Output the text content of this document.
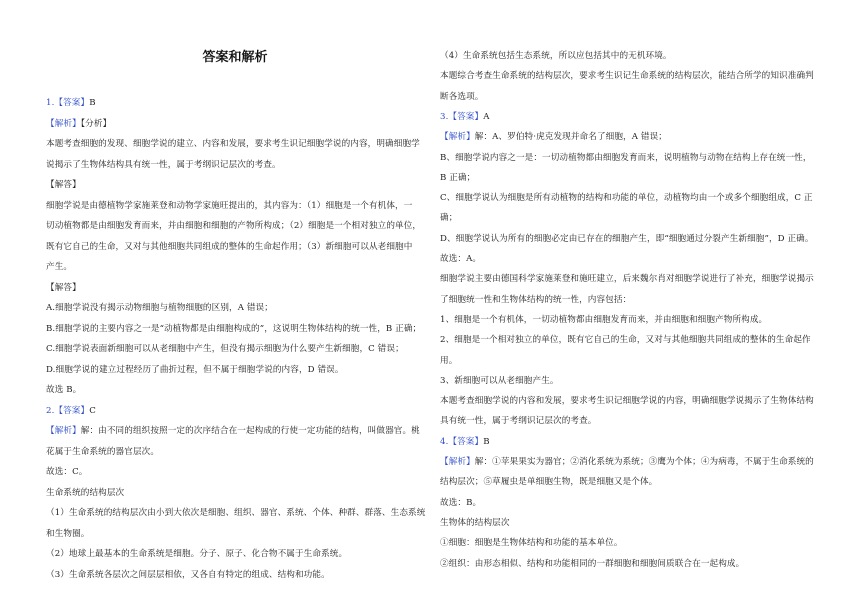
答案和解析
1.【答案】B
【解析】【分析】
本题考查细胞的发现、细胞学说的建立、内容和发展，要求考生识记细胞学说的内容，明确细胞学
说揭示了生物体结构具有统一性，属于考纲识记层次的考查。
【解答】
细胞学说是由德植物学家施莱登和动物学家施旺提出的，其内容为：（1）细胞是一个有机体，一
切动植物都是由细胞发育而来，并由细胞和细胞的产物所构成；（2）细胞是一个相对独立的单位，
既有它自己的生命，又对与其他细胞共同组成的整体的生命起作用；（3）新细胞可以从老细胞中
产生。
【解答】
A.细胞学说没有揭示动物细胞与植物细胞的区别，A 错误；
B.细胞学说的主要内容之一是“动植物都是由细胞构成的”，这说明生物体结构的统一性，B 正确；
C.细胞学说表面新细胞可以从老细胞中产生，但没有揭示细胞为什么要产生新细胞，C 错误；
D.细胞学说的建立过程经历了曲折过程，但不属于细胞学说的内容，D 错误。
故选 B。
2.【答案】C
【解析】解：由不同的组织按照一定的次序结合在一起构成的行使一定功能的结构，叫做器官。桃
花属于生命系统的器官层次。
故选：C。
生命系统的结构层次
（1）生命系统的结构层次由小到大依次是细胞、组织、器官、系统、个体、种群、群落、生态系统
和生物圈。
（2）地球上最基本的生命系统是细胞。分子、原子、化合物不属于生命系统。
（3）生命系统各层次之间层层相依，又各自有特定的组成、结构和功能。
（4）生命系统包括生态系统，所以应包括其中的无机环境。
本题综合考查生命系统的结构层次，要求考生识记生命系统的结构层次，能结合所学的知识准确判
断各选项。
3.【答案】A
【解析】解：A、罗伯特·虎克发现并命名了细胞，A 错误；
B、细胞学说内容之一是：一切动植物都由细胞发育而来，说明植物与动物在结构上存在统一性，
B 正确；
C、细胞学说认为细胞是所有动植物的结构和功能的单位，动植物均由一个或多个细胞组成，C 正
确；
D、细胞学说认为所有的细胞必定由已存在的细胞产生，即“细胞通过分裂产生新细胞”，D 正确。
故选：A。
细胞学说主要由德国科学家施莱登和施旺建立，后来魏尔肖对细胞学说进行了补充，细胞学说揭示
了细胞统一性和生物体结构的统一性，内容包括：
1、细胞是一个有机体，一切动植物都由细胞发育而来，并由细胞和细胞产物所构成。
2、细胞是一个相对独立的单位，既有它自己的生命，又对与其他细胞共同组成的整体的生命起作
用。
3、新细胞可以从老细胞产生。
本题考查细胞学说的内容和发展，要求考生识记细胞学说的内容，明确细胞学说揭示了生物体结构
具有统一性，属于考纲识记层次的考查。
4.【答案】B
【解析】解：①苹果果实为器官；②消化系统为系统；③鹰为个体；④为病毒，不属于生命系统的
结构层次；⑤草履虫是单细胞生物，既是细胞又是个体。
故选：B。
生物体的结构层次
①细胞：细胞是生物体结构和功能的基本单位。
②组织：由形态相似、结构和功能相同的一群细胞和细胞间质联合在一起构成。
